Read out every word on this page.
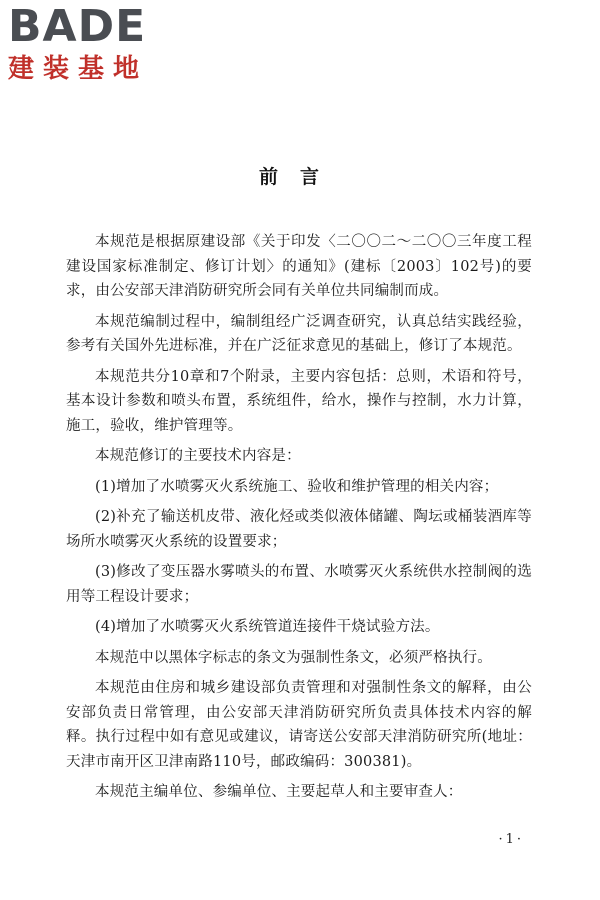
BADE
建装基地
前言

本规范是根据原建设部《关于印发〈二〇〇二～二〇〇三年度工程建设国家标准制定、修订计划〉的通知》(建标〔2003〕102号)的要求，由公安部天津消防研究所会同有关单位共同编制而成。

本规范编制过程中，编制组经广泛调查研究，认真总结实践经验，参考有关国外先进标准，并在广泛征求意见的基础上，修订了本规范。

本规范共分10章和7个附录，主要内容包括：总则，术语和符号，基本设计参数和喷头布置，系统组件，给水，操作与控制，水力计算，施工，验收，维护管理等。

本规范修订的主要技术内容是：

(1)增加了水喷雾灭火系统施工、验收和维护管理的相关内容；

(2)补充了输送机皮带、液化烃或类似液体储罐、陶坛或桶装酒库等场所水喷雾灭火系统的设置要求；

(3)修改了变压器水雾喷头的布置、水喷雾灭火系统供水控制阀的选用等工程设计要求；

(4)增加了水喷雾灭火系统管道连接件干烧试验方法。

本规范中以黑体字标志的条文为强制性条文，必须严格执行。

本规范由住房和城乡建设部负责管理和对强制性条文的解释，由公安部负责日常管理，由公安部天津消防研究所负责具体技术内容的解释。执行过程中如有意见或建议，请寄送公安部天津消防研究所(地址：天津市南开区卫津南路110号，邮政编码：300381)。

本规范主编单位、参编单位、主要起草人和主要审查人：

·1·
